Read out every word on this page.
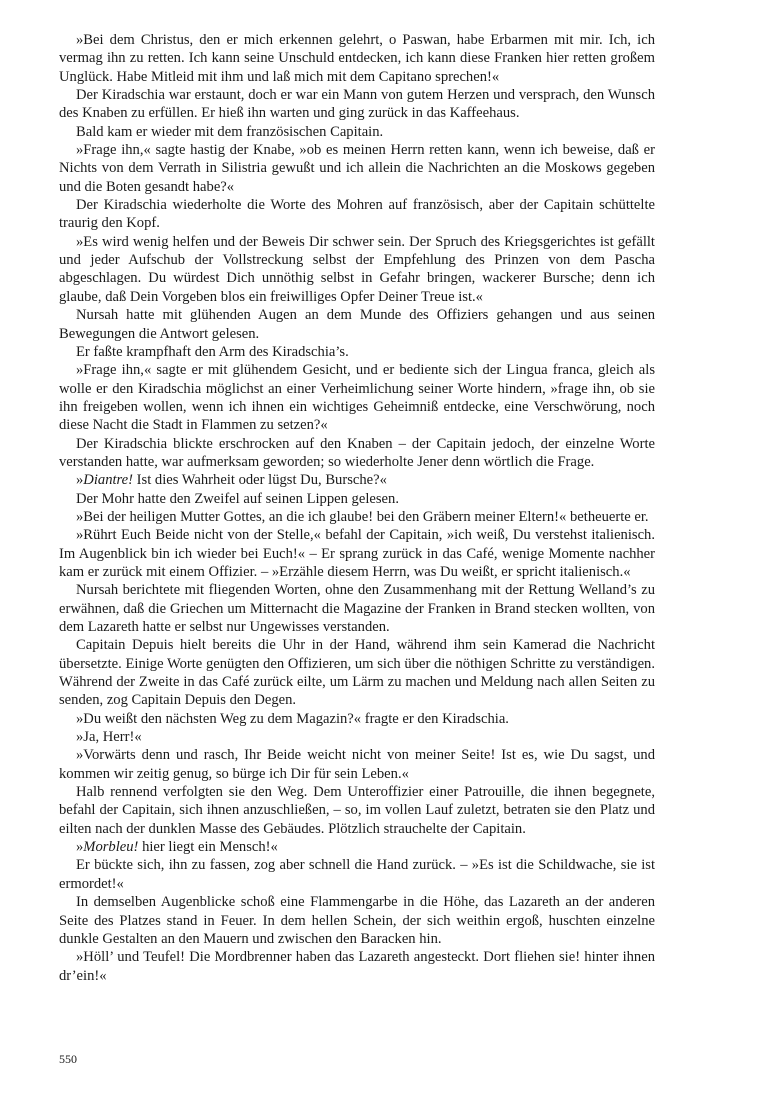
»Bei dem Christus, den er mich erkennen gelehrt, o Paswan, habe Erbarmen mit mir. Ich, ich vermag ihn zu retten. Ich kann seine Unschuld entdecken, ich kann diese Franken hier retten großem Unglück. Habe Mitleid mit ihm und laß mich mit dem Capitano sprechen!«

Der Kiradschia war erstaunt, doch er war ein Mann von gutem Herzen und versprach, den Wunsch des Knaben zu erfüllen. Er hieß ihn warten und ging zurück in das Kaffeehaus.

Bald kam er wieder mit dem französischen Capitain.

»Frage ihn,« sagte hastig der Knabe, »ob es meinen Herrn retten kann, wenn ich beweise, daß er Nichts von dem Verrath in Silistria gewußt und ich allein die Nachrichten an die Moskows gegeben und die Boten gesandt habe?«

Der Kiradschia wiederholte die Worte des Mohren auf französisch, aber der Capitain schüttelte traurig den Kopf.

»Es wird wenig helfen und der Beweis Dir schwer sein. Der Spruch des Kriegsgerichtes ist gefällt und jeder Aufschub der Vollstreckung selbst der Empfehlung des Prinzen von dem Pascha abgeschlagen. Du würdest Dich unnöthig selbst in Gefahr bringen, wackerer Bursche; denn ich glaube, daß Dein Vorgeben blos ein freiwilliges Opfer Deiner Treue ist.«

Nursah hatte mit glühenden Augen an dem Munde des Offiziers gehangen und aus seinen Bewegungen die Antwort gelesen.

Er faßte krampfhaft den Arm des Kiradschia’s.

»Frage ihn,« sagte er mit glühendem Gesicht, und er bediente sich der Lingua franca, gleich als wolle er den Kiradschia möglichst an einer Verheimlichung seiner Worte hindern, »frage ihn, ob sie ihn freigeben wollen, wenn ich ihnen ein wichtiges Geheimniß entdecke, eine Verschwörung, noch diese Nacht die Stadt in Flammen zu setzen?«

Der Kiradschia blickte erschrocken auf den Knaben – der Capitain jedoch, der einzelne Worte verstanden hatte, war aufmerksam geworden; so wiederholte Jener denn wörtlich die Frage.

»Diantre! Ist dies Wahrheit oder lügst Du, Bursche?«

Der Mohr hatte den Zweifel auf seinen Lippen gelesen.

»Bei der heiligen Mutter Gottes, an die ich glaube! bei den Gräbern meiner Eltern!« betheuerte er.

»Rührt Euch Beide nicht von der Stelle,« befahl der Capitain, »ich weiß, Du verstehst italienisch. Im Augenblick bin ich wieder bei Euch!« – Er sprang zurück in das Café, wenige Momente nachher kam er zurück mit einem Offizier. – »Erzähle diesem Herrn, was Du weißt, er spricht italienisch.«

Nursah berichtete mit fliegenden Worten, ohne den Zusammenhang mit der Rettung Welland’s zu erwähnen, daß die Griechen um Mitternacht die Magazine der Franken in Brand stecken wollten, von dem Lazareth hatte er selbst nur Ungewisses verstanden.

Capitain Depuis hielt bereits die Uhr in der Hand, während ihm sein Kamerad die Nachricht übersetzte. Einige Worte genügten den Offizieren, um sich über die nöthigen Schritte zu verständigen. Während der Zweite in das Café zurück eilte, um Lärm zu machen und Meldung nach allen Seiten zu senden, zog Capitain Depuis den Degen.

»Du weißt den nächsten Weg zu dem Magazin?« fragte er den Kiradschia.

»Ja, Herr!«

»Vorwärts denn und rasch, Ihr Beide weicht nicht von meiner Seite! Ist es, wie Du sagst, und kommen wir zeitig genug, so bürge ich Dir für sein Leben.«

Halb rennend verfolgten sie den Weg. Dem Unteroffizier einer Patrouille, die ihnen begegnete, befahl der Capitain, sich ihnen anzuschließen, – so, im vollen Lauf zuletzt, betraten sie den Platz und eilten nach der dunklen Masse des Gebäudes. Plötzlich strauchelte der Capitain.

»Morbleu! hier liegt ein Mensch!«

Er bückte sich, ihn zu fassen, zog aber schnell die Hand zurück. – »Es ist die Schildwache, sie ist ermordet!«

In demselben Augenblicke schoß eine Flammengarbe in die Höhe, das Lazareth an der anderen Seite des Platzes stand in Feuer. In dem hellen Schein, der sich weithin ergoß, huschten einzelne dunkle Gestalten an den Mauern und zwischen den Baracken hin.

»Höll’ und Teufel! Die Mordbrenner haben das Lazareth angesteckt. Dort fliehen sie! hinter ihnen dr’ein!«

550
